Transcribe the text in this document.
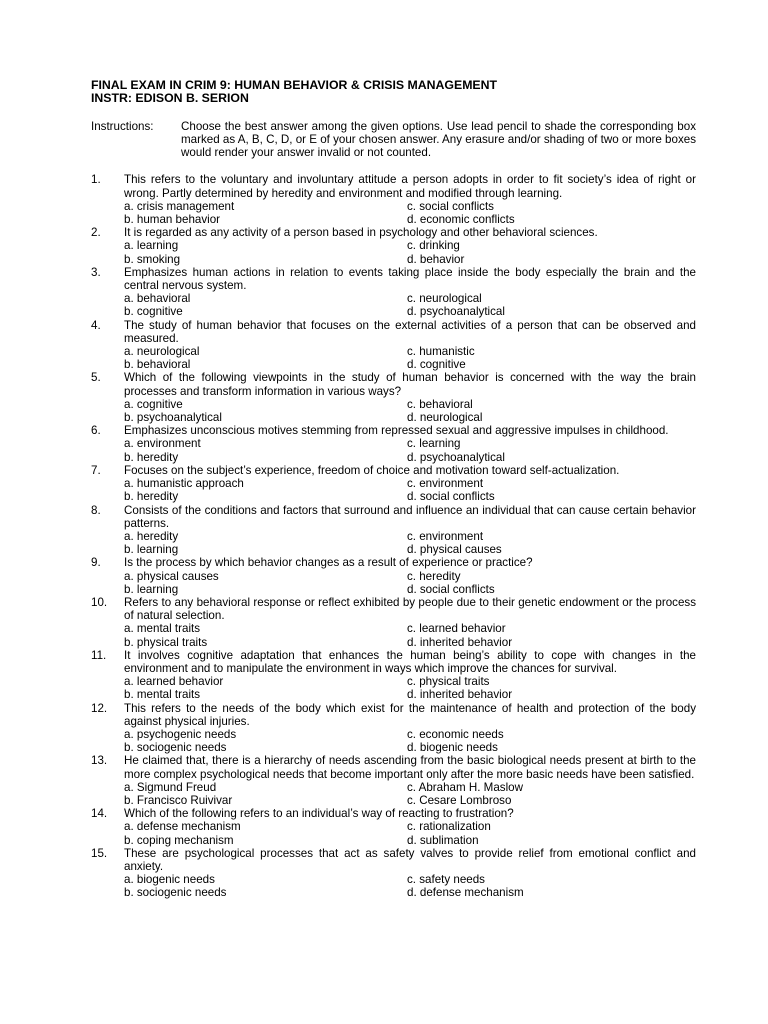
FINAL EXAM IN CRIM 9: HUMAN BEHAVIOR & CRISIS MANAGEMENT

INSTR: EDISON B. SERION

Instructions:	Choose the best answer among the given options. Use lead pencil to shade the corresponding box marked as A, B, C, D, or E of your chosen answer. Any erasure and/or shading of two or more boxes would render your answer invalid or not counted.
1.	This refers to the voluntary and involuntary attitude a person adopts in order to fit society’s idea of right or wrong. Partly determined by heredity and environment and modified through learning.
a. crisis management	c. social conflicts
b. human behavior	d. economic conflicts
2.	It is regarded as any activity of a person based in psychology and other behavioral sciences.
a. learning	c. drinking
b. smoking	d. behavior
3.	Emphasizes human actions in relation to events taking place inside the body especially the brain and the central nervous system.
a. behavioral	c. neurological
b. cognitive	d. psychoanalytical
4.	The study of human behavior that focuses on the external activities of a person that can be observed and measured.
a. neurological	c. humanistic
b. behavioral	d. cognitive
5.	Which of the following viewpoints in the study of human behavior is concerned with the way the brain processes and transform information in various ways?
a. cognitive	c. behavioral
b. psychoanalytical	d. neurological
6.	Emphasizes unconscious motives stemming from repressed sexual and aggressive impulses in childhood.
a. environment	c. learning
b. heredity	d. psychoanalytical
7.	Focuses on the subject’s experience, freedom of choice and motivation toward self-actualization.
a. humanistic approach	c. environment
b. heredity	d. social conflicts
8.	Consists of the conditions and factors that surround and influence an individual that can cause certain behavior patterns.
a. heredity	c. environment
b. learning	d. physical causes
9.	Is the process by which behavior changes as a result of experience or practice?
a. physical causes	c. heredity
b. learning	d. social conflicts
10.	Refers to any behavioral response or reflect exhibited by people due to their genetic endowment or the process of natural selection.
a. mental traits	c. learned behavior
b. physical traits	d. inherited behavior
11.	It involves cognitive adaptation that enhances the human being’s ability to cope with changes in the environment and to manipulate the environment in ways which improve the chances for survival.
a. learned behavior	c. physical traits
b. mental traits	d. inherited behavior
12.	This refers to the needs of the body which exist for the maintenance of health and protection of the body against physical injuries.
a. psychogenic needs	c. economic needs
b. sociogenic needs	d. biogenic needs
13.	He claimed that, there is a hierarchy of needs ascending from the basic biological needs present at birth to the more complex psychological needs that become important only after the more basic needs have been satisfied.
a. Sigmund Freud	c. Abraham H. Maslow
b. Francisco Ruivivar	c. Cesare Lombroso
14.	Which of the following refers to an individual’s way of reacting to frustration?
a. defense mechanism	c. rationalization
b. coping mechanism	d. sublimation
15.	These are psychological processes that act as safety valves to provide relief from emotional conflict and anxiety.
a. biogenic needs	c. safety needs
b. sociogenic needs	d. defense mechanism
